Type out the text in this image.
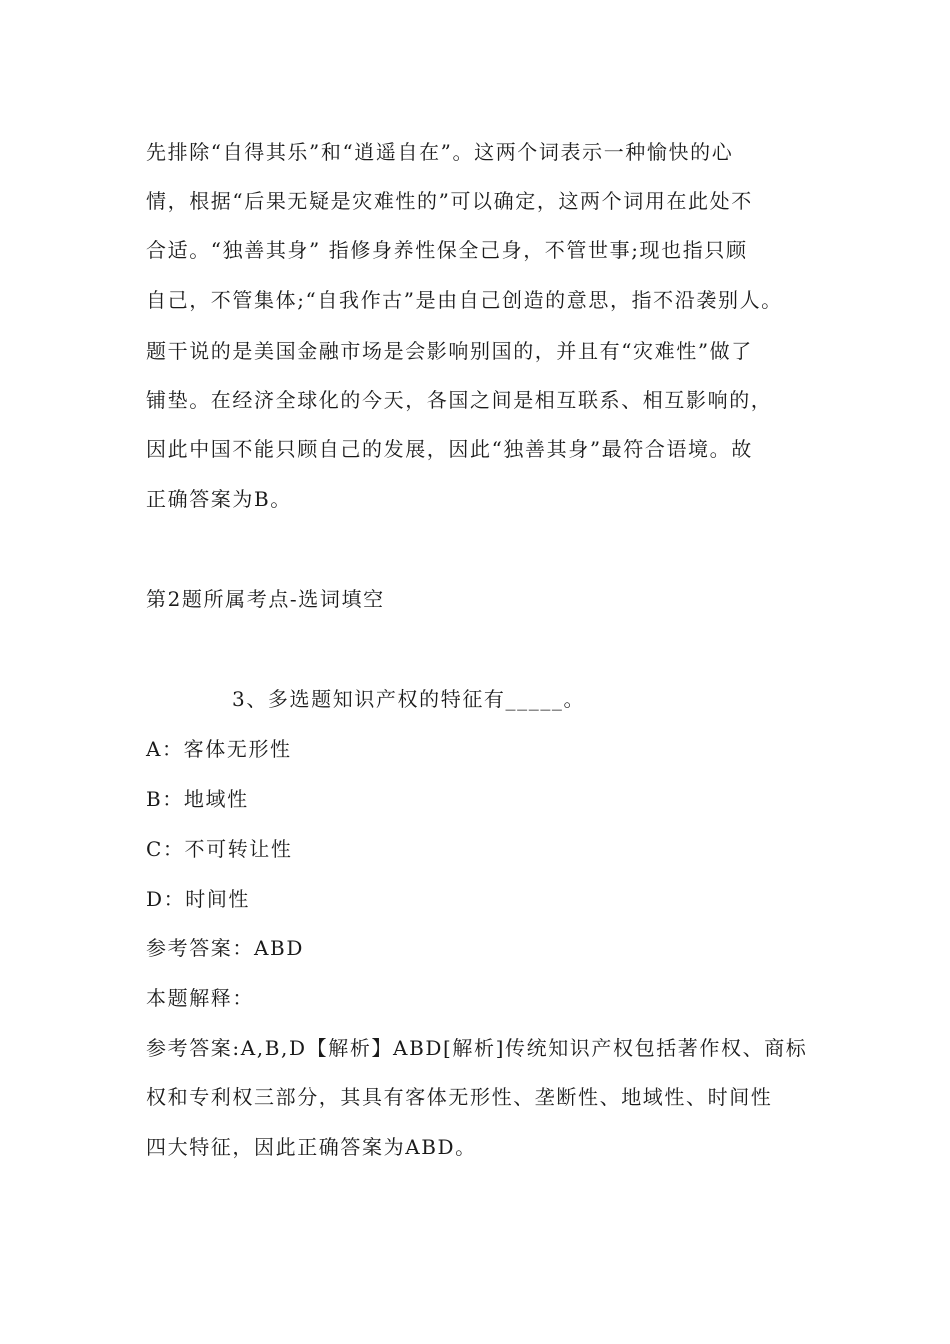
先排除“自得其乐”和“逍遥自在”。这两个词表示一种愉快的心
情，根据“后果无疑是灾难性的”可以确定，这两个词用在此处不
合适。“独善其身” 指修身养性保全己身，不管世事;现也指只顾
自己，不管集体;“自我作古”是由自己创造的意思，指不沿袭别人。
题干说的是美国金融市场是会影响别国的，并且有“灾难性”做了
铺垫。在经济全球化的今天，各国之间是相互联系、相互影响的，
因此中国不能只顾自己的发展，因此“独善其身”最符合语境。故
正确答案为B。
第2题所属考点-选词填空
3、多选题知识产权的特征有_____。
A：客体无形性
B：地域性
C：不可转让性
D：时间性
参考答案：ABD
本题解释：
参考答案:A,B,D【解析】ABD[解析]传统知识产权包括著作权、商标
权和专利权三部分，其具有客体无形性、垄断性、地域性、时间性
四大特征，因此正确答案为ABD。
